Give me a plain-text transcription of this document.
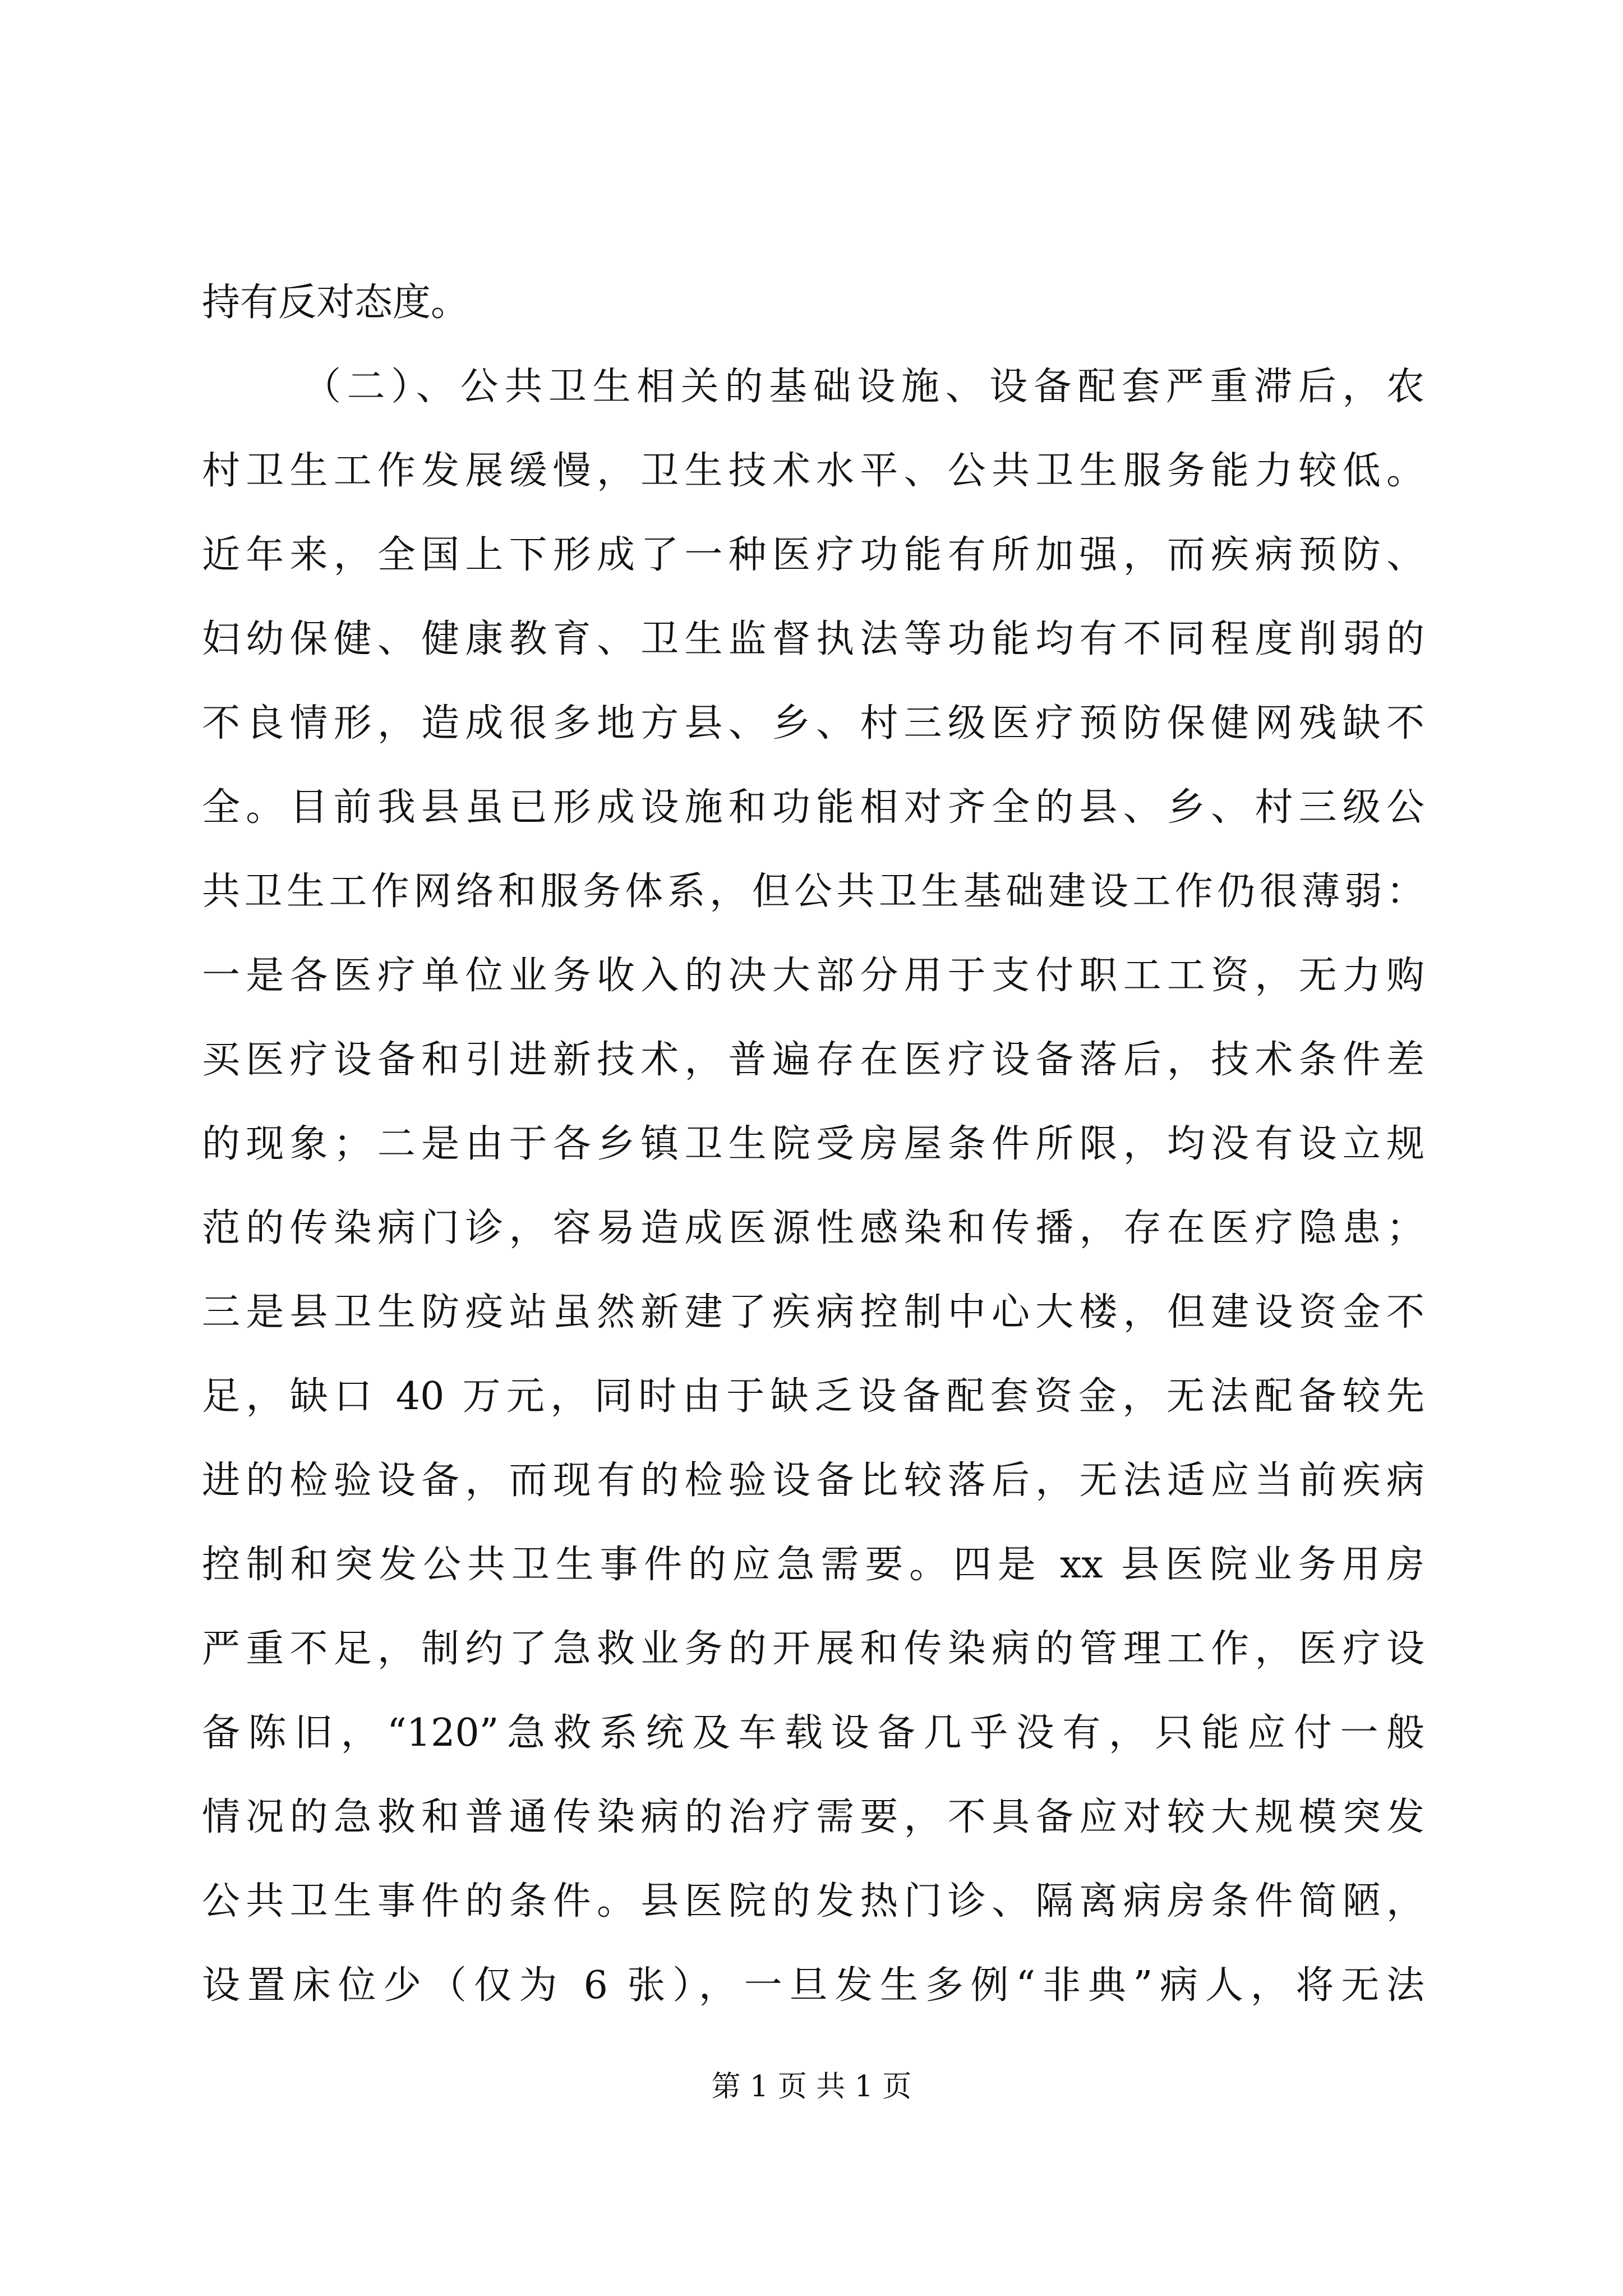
持有反对态度。
（二）、公共卫生相关的基础设施、设备配套严重滞后，农
村卫生工作发展缓慢，卫生技术水平、公共卫生服务能力较低。
近年来，全国上下形成了一种医疗功能有所加强，而疾病预防、
妇幼保健、健康教育、卫生监督执法等功能均有不同程度削弱的
不良情形，造成很多地方县、乡、村三级医疗预防保健网残缺不
全。目前我县虽已形成设施和功能相对齐全的县、乡、村三级公
共卫生工作网络和服务体系，但公共卫生基础建设工作仍很薄弱：
一是各医疗单位业务收入的决大部分用于支付职工工资，无力购
买医疗设备和引进新技术，普遍存在医疗设备落后，技术条件差
的现象；二是由于各乡镇卫生院受房屋条件所限，均没有设立规
范的传染病门诊，容易造成医源性感染和传播，存在医疗隐患；
三是县卫生防疫站虽然新建了疾病控制中心大楼，但建设资金不
足，缺口 40 万元，同时由于缺乏设备配套资金，无法配备较先
进的检验设备，而现有的检验设备比较落后，无法适应当前疾病
控制和突发公共卫生事件的应急需要。四是 xx 县医院业务用房
严重不足，制约了急救业务的开展和传染病的管理工作，医疗设
备陈旧，“120”急救系统及车载设备几乎没有，只能应付一般
情况的急救和普通传染病的治疗需要，不具备应对较大规模突发
公共卫生事件的条件。县医院的发热门诊、隔离病房条件简陋，
设置床位少（仅为 6 张），一旦发生多例“非典”病人，将无法
第 1 页 共 1 页
